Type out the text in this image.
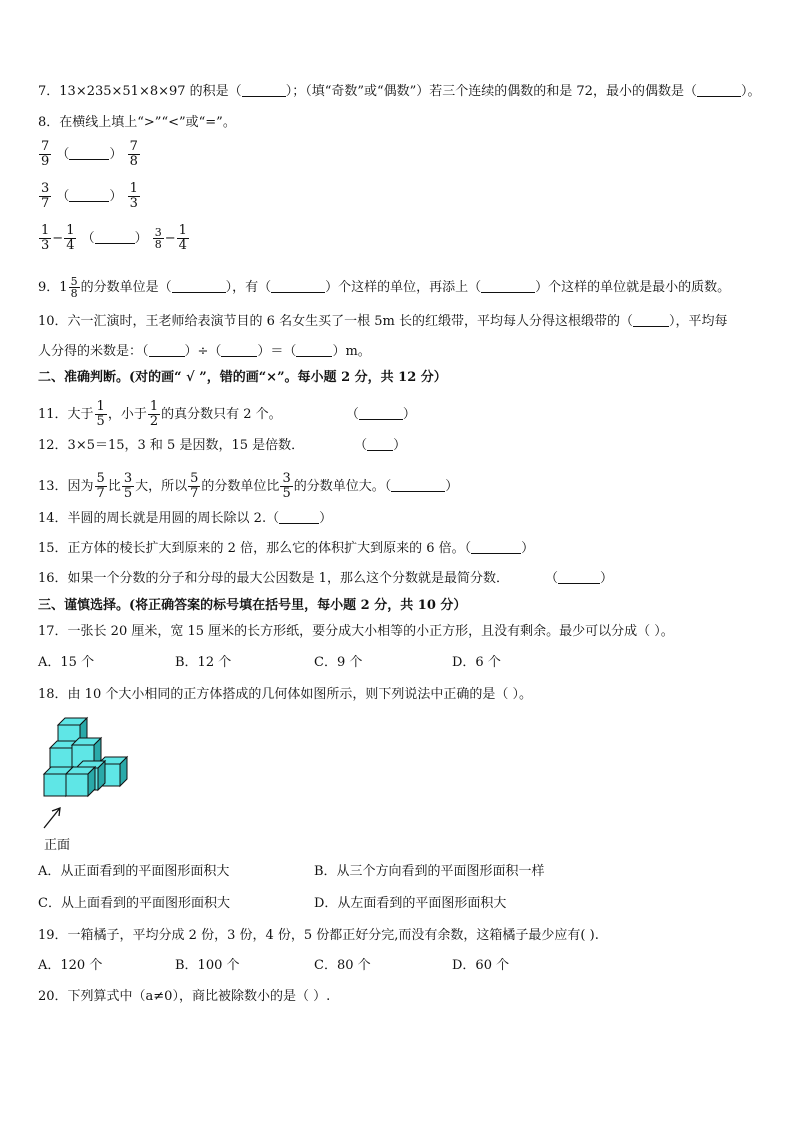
7．13×235×51×8×97 的积是（	）；（填“奇数”或“偶数”）若三个连续的偶数的和是 72，最小的偶数是（	）。
8．在横线上填上“>”“<”或“=”。
$\frac{7}{9}$ （	） $\frac{7}{8}$
$\frac{3}{7}$ （	） $\frac{1}{3}$
$\frac{1}{3} - \frac{1}{4}$ （	） $\frac{3}{8} - \frac{1}{4}$
9．$1 \frac{5}{8}$ 的分数单位是（	），有（	）个这样的单位，再添上（	）个这样的单位就是最小的质数。
10．六一汇演时，王老师给表演节目的 6 名女生买了一根 5m 长的红缎带，平均每人分得这根缎带的（	），平均每
人分得的米数是：（	）÷（	）＝（	）m。
二、准确判断。(对的画“ √ ”，错的画“×”。每小题 2 分，共 12 分）
11．大于 $\frac{1}{5}$ ，小于 $\frac{1}{2}$ 的真分数只有 2 个。	（	）
12．3×5＝15，3 和 5 是因数，15 是倍数．	（ ）
13．因为 $\frac{5}{7}$ 比 $\frac{3}{5}$ 大，所以 $\frac{5}{7}$ 的分数单位比 $\frac{3}{5}$ 的分数单位大。（	）
14．半圆的周长就是用圆的周长除以 2.（	）
15．正方体的棱长扩大到原来的 2 倍，那么它的体积扩大到原来的 6 倍。（	）
16．如果一个分数的分子和分母的最大公因数是 1，那么这个分数就是最简分数．	（	）
三、谨慎选择。(将正确答案的标号填在括号里，每小题 2 分，共 10 分）
17．一张长 20 厘米，宽 15 厘米的长方形纸，要分成大小相等的小正方形，且没有剩余。最少可以分成（ ）。
A．15 个	B．12 个	C．9 个	D．6 个
18．由 10 个大小相同的正方体搭成的几何体如图所示，则下列说法中正确的是（ ）。
正面
A．从正面看到的平面图形面积大	B．从三个方向看到的平面图形面积一样
C．从上面看到的平面图形面积大	D．从左面看到的平面图形面积大
19．一箱橘子，平均分成 2 份，3 份，4 份，5 份都正好分完,而没有余数，这箱橘子最少应有( ).
A．120 个	B．100 个	C．80 个	D．60 个
20．下列算式中（a≠0），商比被除数小的是（ ）.
